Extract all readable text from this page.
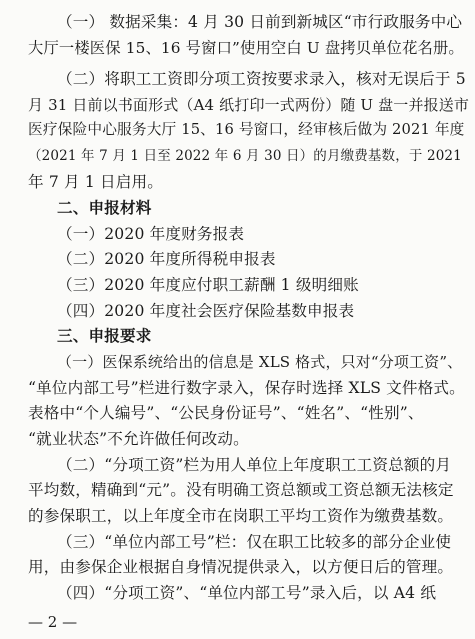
（一） 数据采集：4 月 30 日前到新城区“市行政服务中心
大厅一楼医保 15、16 号窗口”使用空白 U 盘拷贝单位花名册。
（二）将职工工资即分项工资按要求录入，核对无误后于 5
月 31 日前以书面形式（A4 纸打印一式两份）随 U 盘一并报送市
医疗保险中心服务大厅 15、16 号窗口，经审核后做为 2021 年度
（2021 年 7 月 1 日至 2022 年 6 月 30 日）的月缴费基数，于 2021
年 7 月 1 日启用。
二、申报材料
（一）2020 年度财务报表
（二）2020 年度所得税申报表
（三）2020 年度应付职工薪酬 1 级明细账
（四）2020 年度社会医疗保险基数申报表
三、申报要求
（一）医保系统给出的信息是 XLS 格式，只对“分项工资”、
“单位内部工号”栏进行数字录入，保存时选择 XLS 文件格式。
表格中“个人编号”、“公民身份证号”、“姓名”、“性别”、
“就业状态”不允许做任何改动。
（二）“分项工资”栏为用人单位上年度职工工资总额的月
平均数，精确到“元”。没有明确工资总额或工资总额无法核定
的参保职工，以上年度全市在岗职工平均工资作为缴费基数。
（三）“单位内部工号”栏：仅在职工比较多的部分企业使
用，由参保企业根据自身情况提供录入，以方便日后的管理。
（四）“分项工资”、“单位内部工号”录入后，以 A4 纸
— 2 —
